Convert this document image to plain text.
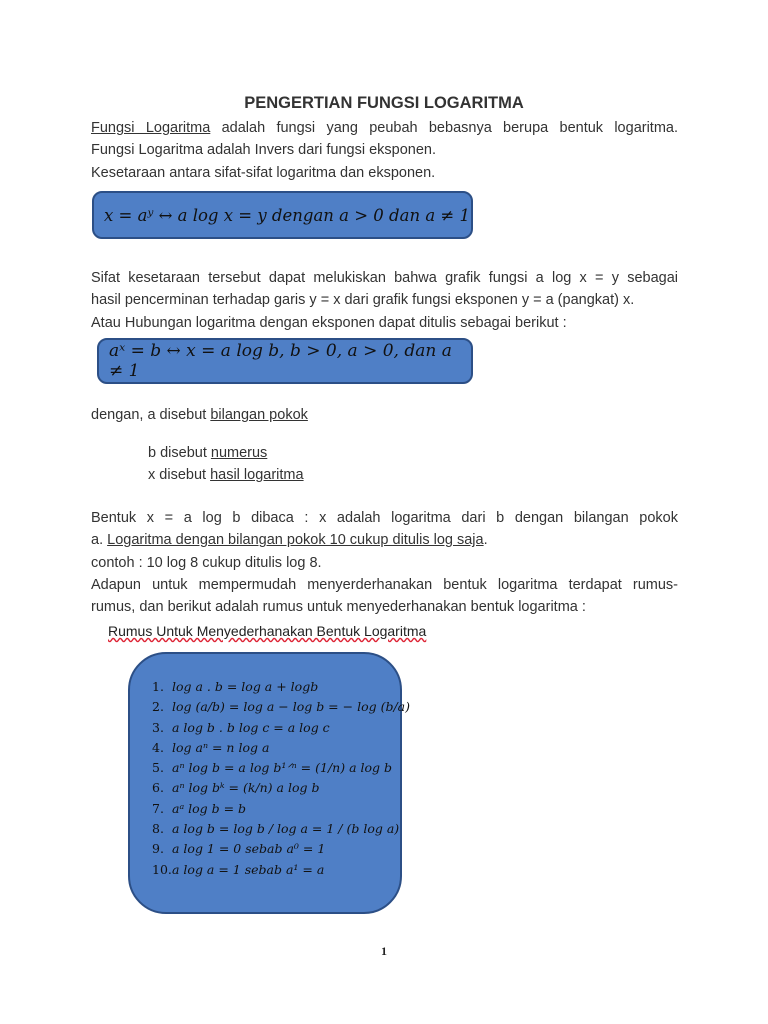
PENGERTIAN FUNGSI LOGARITMA

Fungsi Logaritma adalah fungsi yang peubah bebasnya berupa bentuk logaritma.

Fungsi Logaritma adalah Invers dari fungsi eksponen.

Kesetaraan antara sifat-sifat logaritma dan eksponen.

x = aʸ ↔ a log x = y dengan a > 0 dan a ≠ 1

Sifat kesetaraan tersebut dapat melukiskan bahwa grafik fungsi a log x = y sebagai

hasil pencerminan terhadap garis y = x dari grafik fungsi eksponen y = a (pangkat) x.

Atau Hubungan logaritma dengan eksponen dapat ditulis sebagai berikut :

aˣ = b ↔ x = a log b, b > 0, a > 0, dan a ≠ 1

dengan, a disebut bilangan pokok

b disebut numerus
x disebut hasil logaritma

Bentuk x = a log b dibaca : x adalah logaritma dari b dengan bilangan pokok

a. Logaritma dengan bilangan pokok 10 cukup ditulis log saja.

contoh : 10 log 8 cukup ditulis log 8.

Adapun untuk mempermudah menyerderhanakan bentuk logaritma terdapat rumus-

rumus, dan berikut adalah rumus untuk menyederhanakan bentuk logaritma :

Rumus Untuk Menyederhanakan Bentuk Logaritma
1. log a . b = log a + logb
2. log (a/b) = log a − log b = − log (b/a)
3. a log b . b log c = a log c
4. log aⁿ = n log a
5. aⁿ log b = a log b¹ᐟⁿ = (1/n) a log b
6. aⁿ log bᵏ = (k/n) a log b
7. aᵃ log b = b
8. a log b = log b / log a = 1 / (b log a)
9. a log 1 = 0 sebab a⁰ = 1
10.a log a = 1 sebab a¹ = a
1
